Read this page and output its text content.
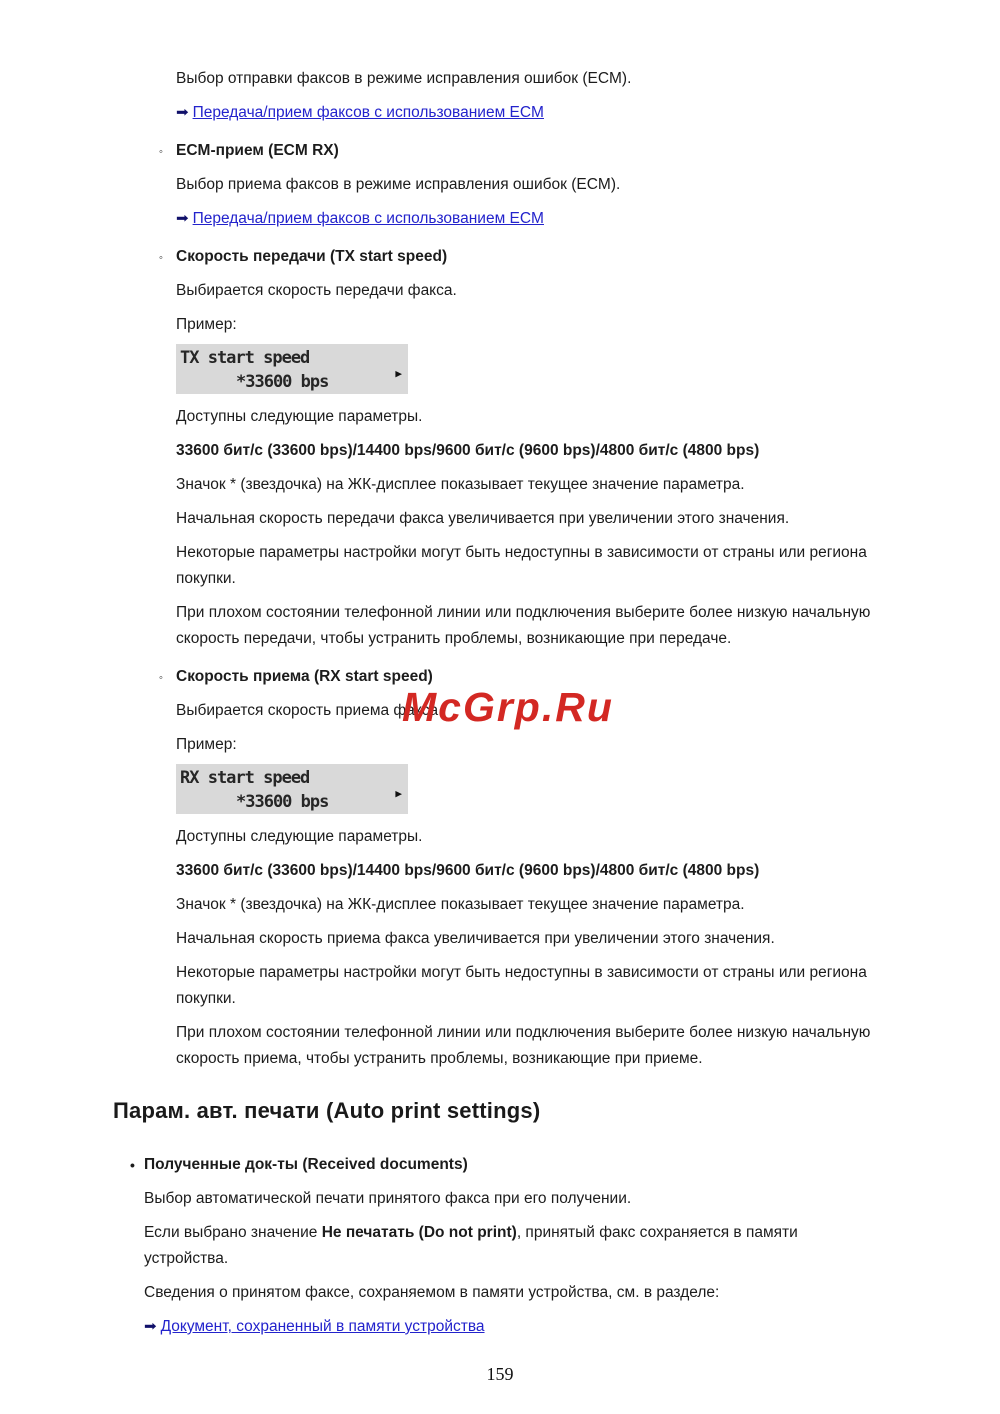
Выбор отправки факсов в режиме исправления ошибок (ECM).

➡ Передача/прием факсов с использованием ECM
◦ ECM-прием (ECM RX)

Выбор приема факсов в режиме исправления ошибок (ECM).

➡ Передача/прием факсов с использованием ECM
◦ Скорость передачи (TX start speed)

Выбирается скорость передачи факса.

Пример:

TX start speed
*33600 bps	▶

Доступны следующие параметры.

33600 бит/с (33600 bps)/14400 bps/9600 бит/с (9600 bps)/4800 бит/с (4800 bps)

Значок * (звездочка) на ЖК-дисплее показывает текущее значение параметра.

Начальная скорость передачи факса увеличивается при увеличении этого значения.

Некоторые параметры настройки могут быть недоступны в зависимости от страны или региона покупки.

При плохом состоянии телефонной линии или подключения выберите более низкую начальную скорость передачи, чтобы устранить проблемы, возникающие при передаче.

◦ Скорость приема (RX start speed)

Выбирается скорость приема факса.

Пример:

RX start speed
*33600 bps	▶

Доступны следующие параметры.

33600 бит/с (33600 bps)/14400 bps/9600 бит/с (9600 bps)/4800 бит/с (4800 bps)

Значок * (звездочка) на ЖК-дисплее показывает текущее значение параметра.

Начальная скорость приема факса увеличивается при увеличении этого значения.

Некоторые параметры настройки могут быть недоступны в зависимости от страны или региона покупки.

При плохом состоянии телефонной линии или подключения выберите более низкую начальную скорость приема, чтобы устранить проблемы, возникающие при приеме.

Парам. авт. печати (Auto print settings)
• Полученные док-ты (Received documents)

Выбор автоматической печати принятого факса при его получении.

Если выбрано значение Не печатать (Do not print), принятый факс сохраняется в памяти устройства.

Сведения о принятом факсе, сохраняемом в памяти устройства, см. в разделе:

➡ Документ, сохраненный в памяти устройства
McGrp.Ru
159
